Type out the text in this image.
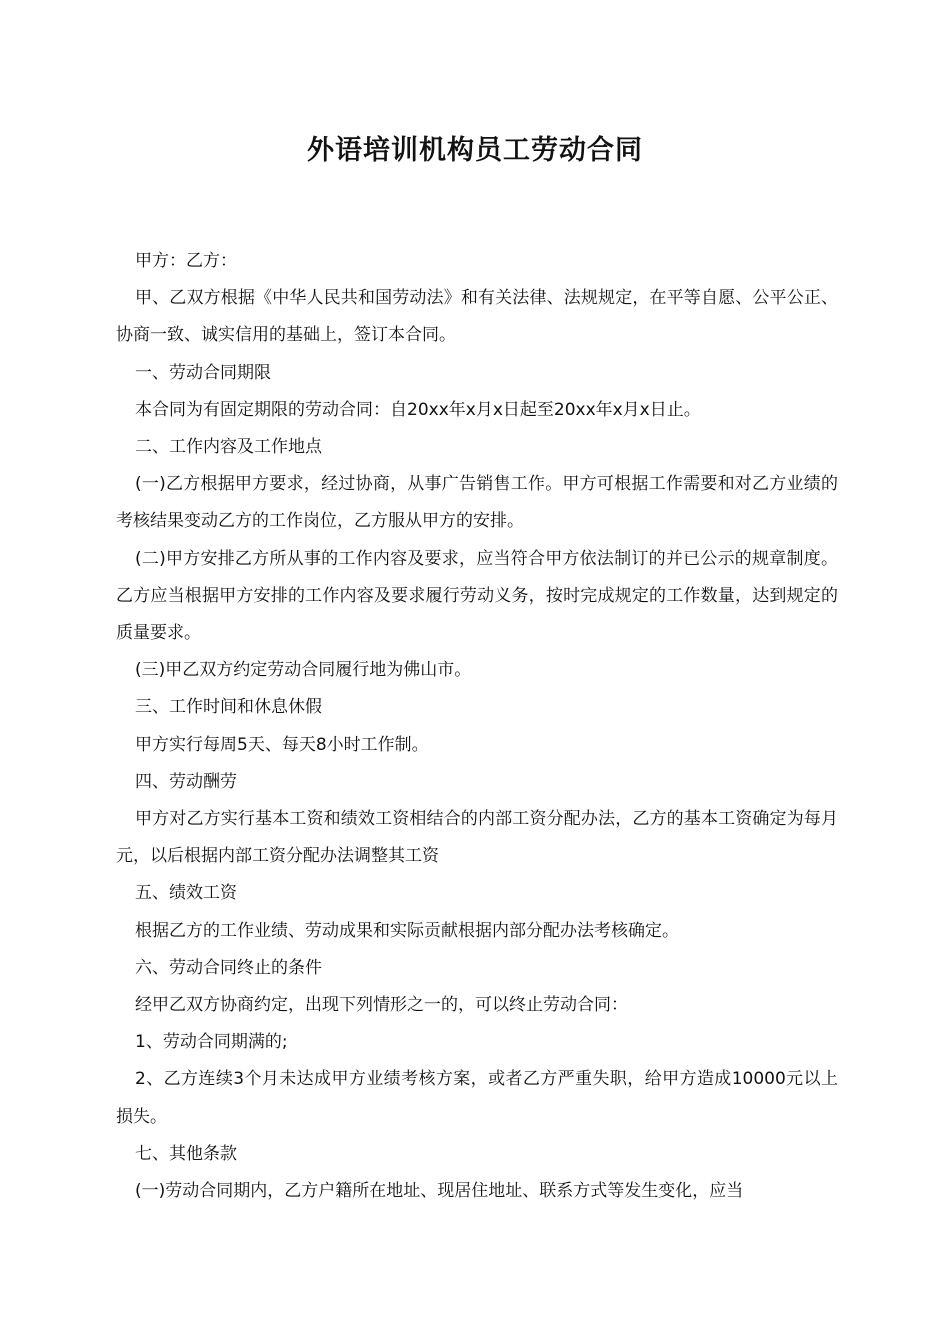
外语培训机构员工劳动合同

甲方：乙方：

甲、乙双方根据《中华人民共和国劳动法》和有关法律、法规规定，在平等自愿、公平公正、协商一致、诚实信用的基础上，签订本合同。

一、劳动合同期限

本合同为有固定期限的劳动合同：自20xx年x月x日起至20xx年x月x日止。

二、工作内容及工作地点

(一)乙方根据甲方要求，经过协商，从事广告销售工作。甲方可根据工作需要和对乙方业绩的考核结果变动乙方的工作岗位，乙方服从甲方的安排。

(二)甲方安排乙方所从事的工作内容及要求，应当符合甲方依法制订的并已公示的规章制度。乙方应当根据甲方安排的工作内容及要求履行劳动义务，按时完成规定的工作数量，达到规定的质量要求。

(三)甲乙双方约定劳动合同履行地为佛山市。

三、工作时间和休息休假

甲方实行每周5天、每天8小时工作制。

四、劳动酬劳

甲方对乙方实行基本工资和绩效工资相结合的内部工资分配办法，乙方的基本工资确定为每月元，以后根据内部工资分配办法调整其工资

五、绩效工资

根据乙方的工作业绩、劳动成果和实际贡献根据内部分配办法考核确定。

六、劳动合同终止的条件

经甲乙双方协商约定，出现下列情形之一的，可以终止劳动合同：

1、劳动合同期满的;

2、乙方连续3个月未达成甲方业绩考核方案，或者乙方严重失职，给甲方造成10000元以上损失。

七、其他条款

(一)劳动合同期内，乙方户籍所在地址、现居住地址、联系方式等发生变化，应当
